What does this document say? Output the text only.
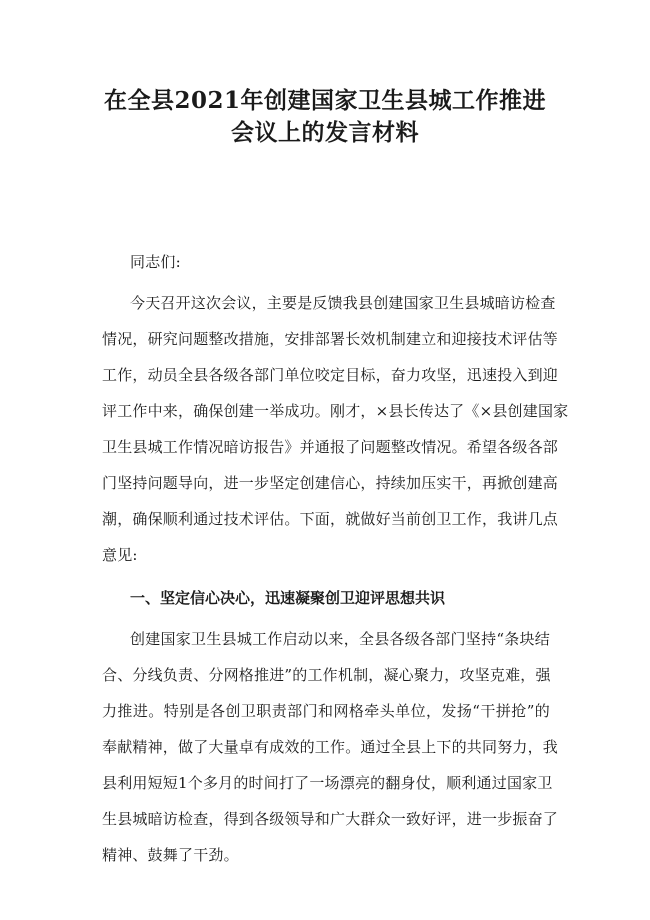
在全县2021年创建国家卫生县城工作推进
会议上的发言材料

同志们:

今天召开这次会议，主要是反馈我县创建国家卫生县城暗访检查

情况，研究问题整改措施，安排部署长效机制建立和迎接技术评估等

工作，动员全县各级各部门单位咬定目标，奋力攻坚，迅速投入到迎

评工作中来，确保创建一举成功。刚才，×县长传达了《×县创建国家

卫生县城工作情况暗访报告》并通报了问题整改情况。希望各级各部

门坚持问题导向，进一步坚定创建信心，持续加压实干，再掀创建高

潮，确保顺利通过技术评估。下面，就做好当前创卫工作，我讲几点

意见:

一、坚定信心决心，迅速凝聚创卫迎评思想共识

创建国家卫生县城工作启动以来，全县各级各部门坚持“条块结

合、分线负责、分网格推进”的工作机制，凝心聚力，攻坚克难，强

力推进。特别是各创卫职责部门和网格牵头单位，发扬“干拼抢”的

奉献精神，做了大量卓有成效的工作。通过全县上下的共同努力，我

县利用短短1个多月的时间打了一场漂亮的翻身仗，顺利通过国家卫

生县城暗访检查，得到各级领导和广大群众一致好评，进一步振奋了

精神、鼓舞了干劲。
